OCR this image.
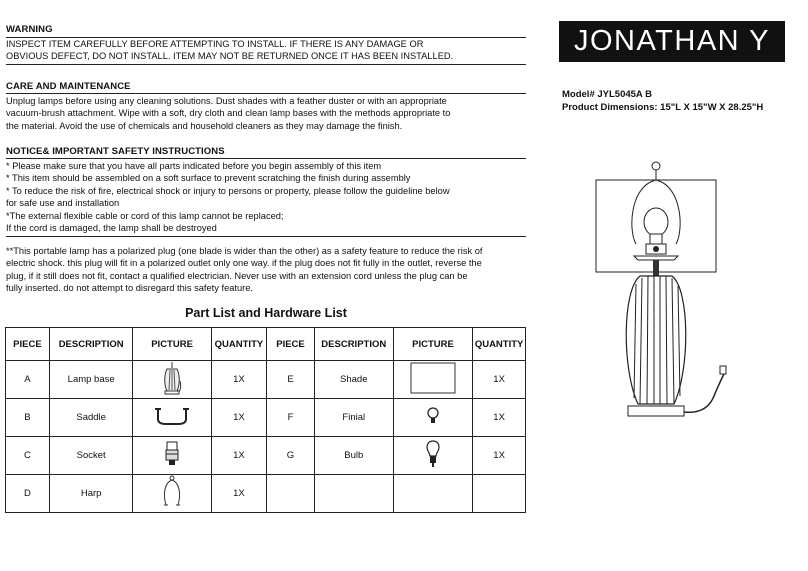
WARNING
INSPECT ITEM CAREFULLY BEFORE ATTEMPTING TO INSTALL. IF THERE IS ANY DAMAGE OR
OBVIOUS DEFECT, DO NOT INSTALL. ITEM MAY NOT BE RETURNED ONCE IT HAS BEEN INSTALLED.
CARE AND MAINTENANCE
Unplug lamps before using any cleaning solutions. Dust shades with a feather duster or with an appropriate
vacuum-brush attachment. Wipe with a soft, dry cloth and clean lamp bases with the methods appropriate to
the material. Avoid the use of chemicals and household cleaners as they may damage the finish.
NOTICE& IMPORTANT SAFETY INSTRUCTIONS
* Please make sure that you have all parts indicated before you begin assembly of this item
* This item should be assembled on a soft surface to prevent scratching the finish during assembly
* To reduce the risk of fire, electrical shock or injury to persons or property, please follow the guideline below
for safe use and installation
*The external flexible cable or cord of this lamp cannot be replaced;
If the cord is damaged, the lamp shall be destroyed
**This portable lamp has a polarized plug (one blade is wider than the other) as a safety feature to reduce the risk of
electric shock. this plug will fit in a polarized outlet only one way. if the plug does not fit fully in the outlet, reverse the
plug, if it still does not fit, contact a qualified electrician. Never use with an extension cord unless the plug can be
fully inserted. do not attempt to disregard this safety feature.
JONATHAN Y
Model# JYL5045A B
Product Dimensions: 15"L X 15"W X 28.25"H
Part List and Hardware List
PIECE	DESCRIPTION	PICTURE	QUANTITY	PIECE	DESCRIPTION	PICTURE	QUANTITY
A	Lamp base		1X	E	Shade		1X
B	Saddle		1X	F	Finial		1X
C	Socket		1X	G	Bulb		1X
D	Harp		1X				
